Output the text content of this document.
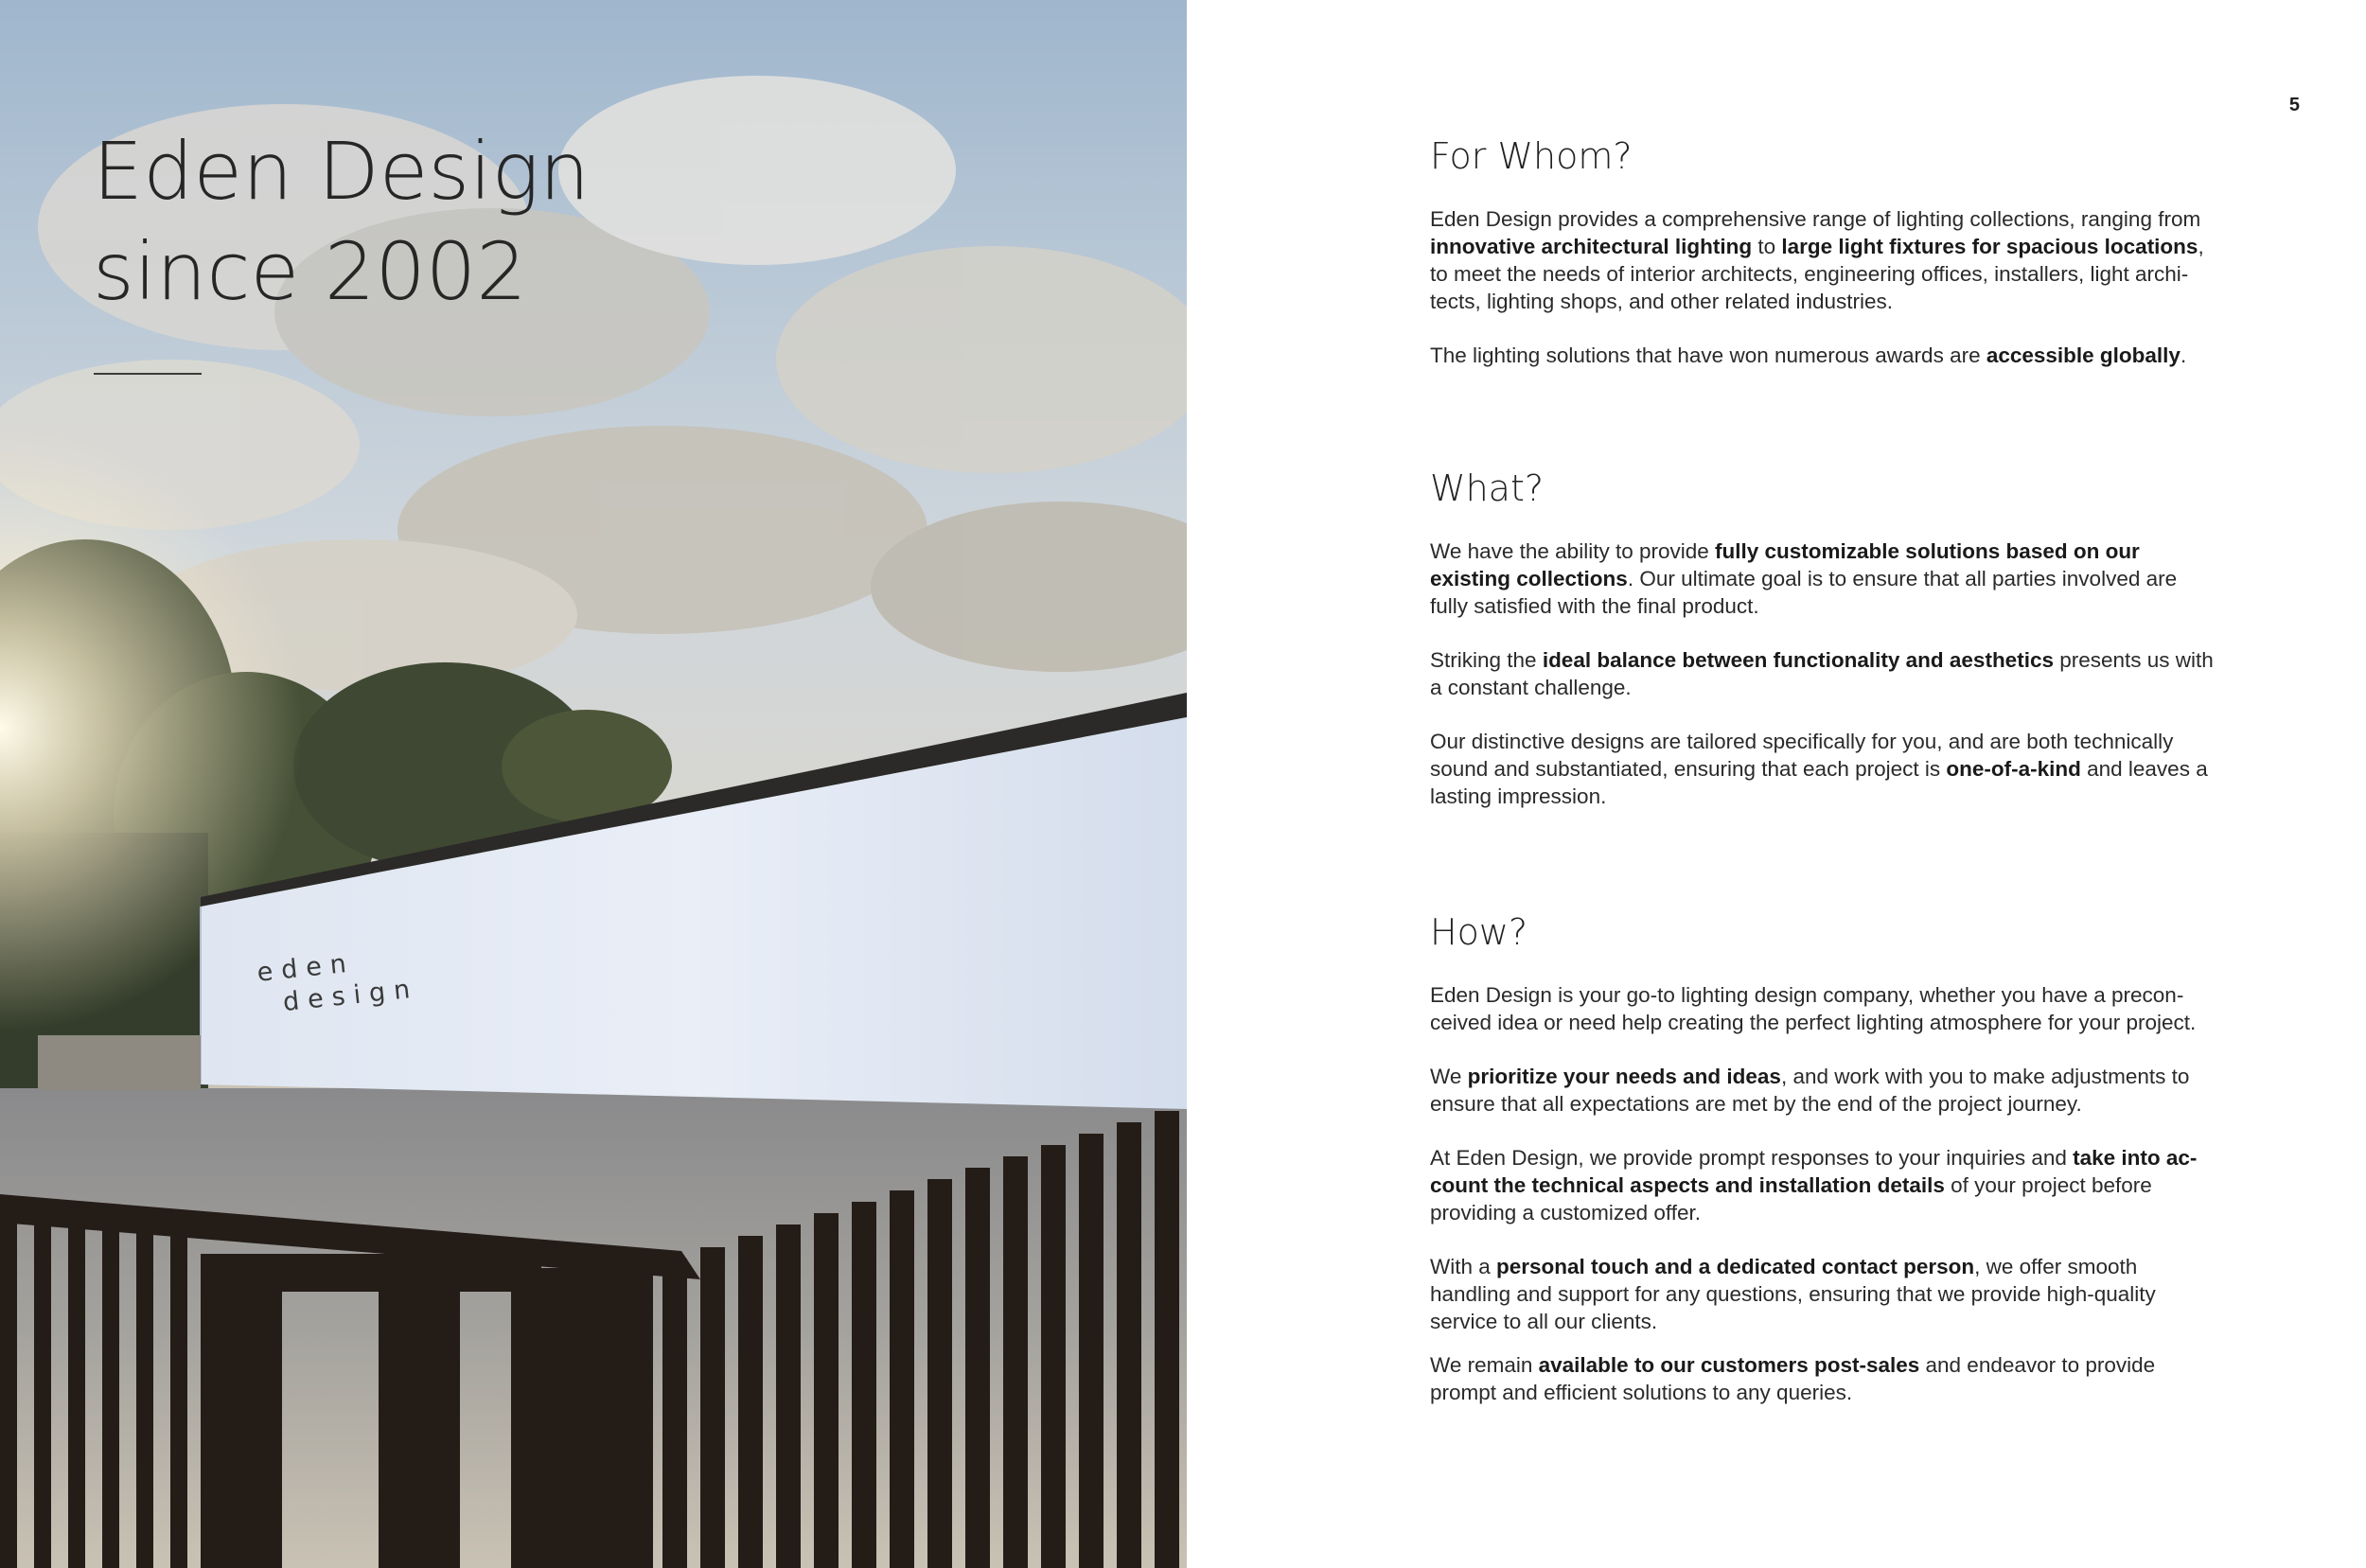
Eden Design
since 2002
eden
design
5
For Whom?

Eden Design provides a comprehensive range of lighting collections, ranging from innovative architectural lighting to large light fixtures for spacious locations, to meet the needs of interior architects, engineering offices, installers, light architects, lighting shops, and other related industries.

The lighting solutions that have won numerous awards are accessible globally.

What?

We have the ability to provide fully customizable solutions based on our existing collections. Our ultimate goal is to ensure that all parties involved are fully satisfied with the final product.

Striking the ideal balance between functionality and aesthetics presents us with a constant challenge.

Our distinctive designs are tailored specifically for you, and are both technically sound and substantiated, ensuring that each project is one-of-a-kind and leaves a lasting impression.

How?

Eden Design is your go-to lighting design company, whether you have a preconceived idea or need help creating the perfect lighting atmosphere for your project.

We prioritize your needs and ideas, and work with you to make adjustments to ensure that all expectations are met by the end of the project journey.

At Eden Design, we provide prompt responses to your inquiries and take into account the technical aspects and installation details of your project before providing a customized offer.

With a personal touch and a dedicated contact person, we offer smooth handling and support for any questions, ensuring that we provide high-quality service to all our clients.

We remain available to our customers post-sales and endeavor to provide prompt and efficient solutions to any queries.
